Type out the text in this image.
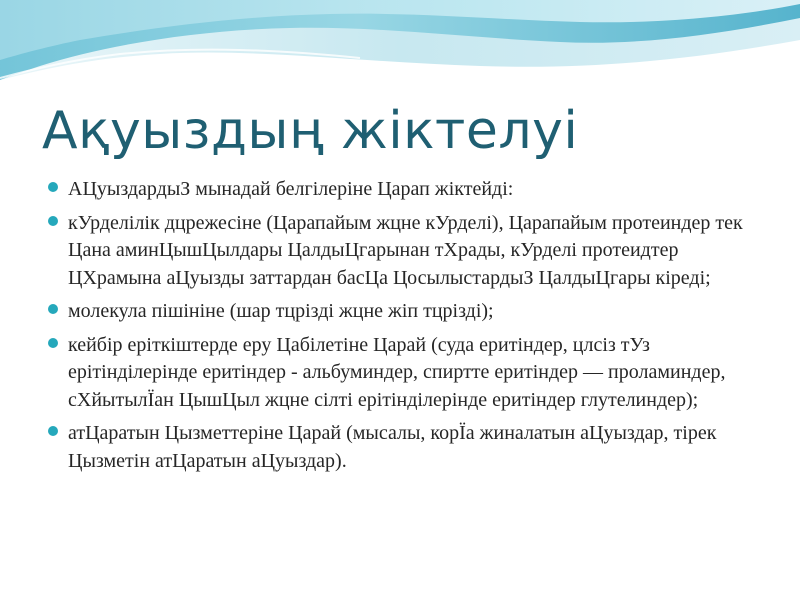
Ақуыздың жіктелуі
АЦуыздардыЗ мынадай белгілеріне Царап жіктейді:
кУрделілік дцрежесіне (Царапайым жцне кУрделі), Царапайым протеиндер тек Цана аминЦышЦылдары ЦалдыЦгарынан тХрады, кУрделі протеидтер ЦХрамына аЦуызды заттардан басЦа ЦосылыстардыЗ ЦалдыЦгары кіреді;
молекула пішініне (шар тцрізді жцне жіп тцрізді);
кейбір еріткіштерде еру Цабілетіне Царай (суда еритіндер, цлсіз тУз ерітінділерінде еритіндер - альбуминдер, спиртте еритіндер — проламиндер, сХйытылЇан ЦышЦыл жцне сілті ерітінділерінде еритіндер глутелиндер);
атЦаратын Цызметтеріне Царай (мысалы, корЇа жиналатын аЦуыздар, тірек Цызметін атЦаратын аЦуыздар).
